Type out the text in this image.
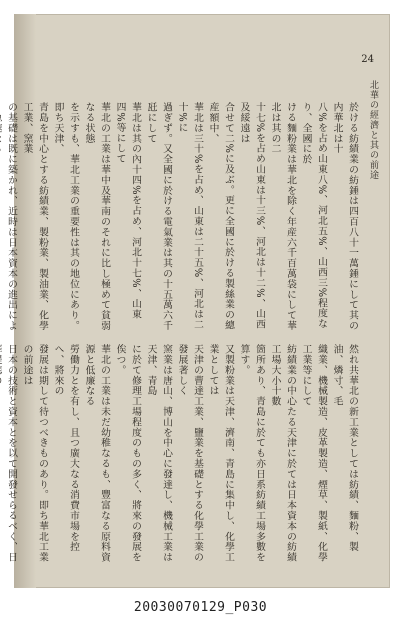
24
北華の經濟と其の前途

於ける紡績業の紡錘は四百八十一萬錘にして其の内華北は十

八%を占め山東八%、河北五%、山西三%程度なり、全國に於

ける麵粉業は華北を除く年産六千百萬袋にして華北は其の二

十七%を占め山東は十三%、河北は十二%、山西及綏遠は

合せて二%に及ぶ。更に全國に於ける製絲業の總産額中、

華北は三十%を占め、山東は二十五%、河北は二十%に

過ぎず。又全國に於ける電氣業は其の十五萬六千瓩にして

華北は其の內十四%を占め、河北十七%、山東四%等にして

華北の工業は華中及華南のそれに比し極めて貧弱なる状態

を示すも、華北工業の重要性は其の地位にあり。即ち天津、

青島を中心とする紡績業、製粉業、製油業、化學工業、窯業

の基礎は既に築かれ、近時は日本資本の進出によ

然れ共華北の新工業としては紡績、麵粉、製油、燐寸、毛

織業、機械製造、皮革製造、煙草、製紙、化學工業等にして

紡績業の中心たる天津に於ては日本資本の紡績工場大小十數

箇所あり、青島に於ても亦日系紡績工場多數を算す。

又製粉業は天津、濟南、青島に集中し、化學工業としては

天津の曹達工業、鹽業を基礎とする化學工業の發展著しく

窯業は唐山、博山を中心に發達し、機械工業は天津、青島

に於て修理工場程度のもの多く、將來の發展を俟つ。

華北の工業は未だ幼稚なるも、豐富なる原料資源と低廉なる

勞働力とを有し、且つ廣大なる消費市場を控へ、將來の

發展は期して待つべきものあり。即ち華北工業の前途は

日本の技術と資本とを以て開發せらるべく、日

20030070129_P030
